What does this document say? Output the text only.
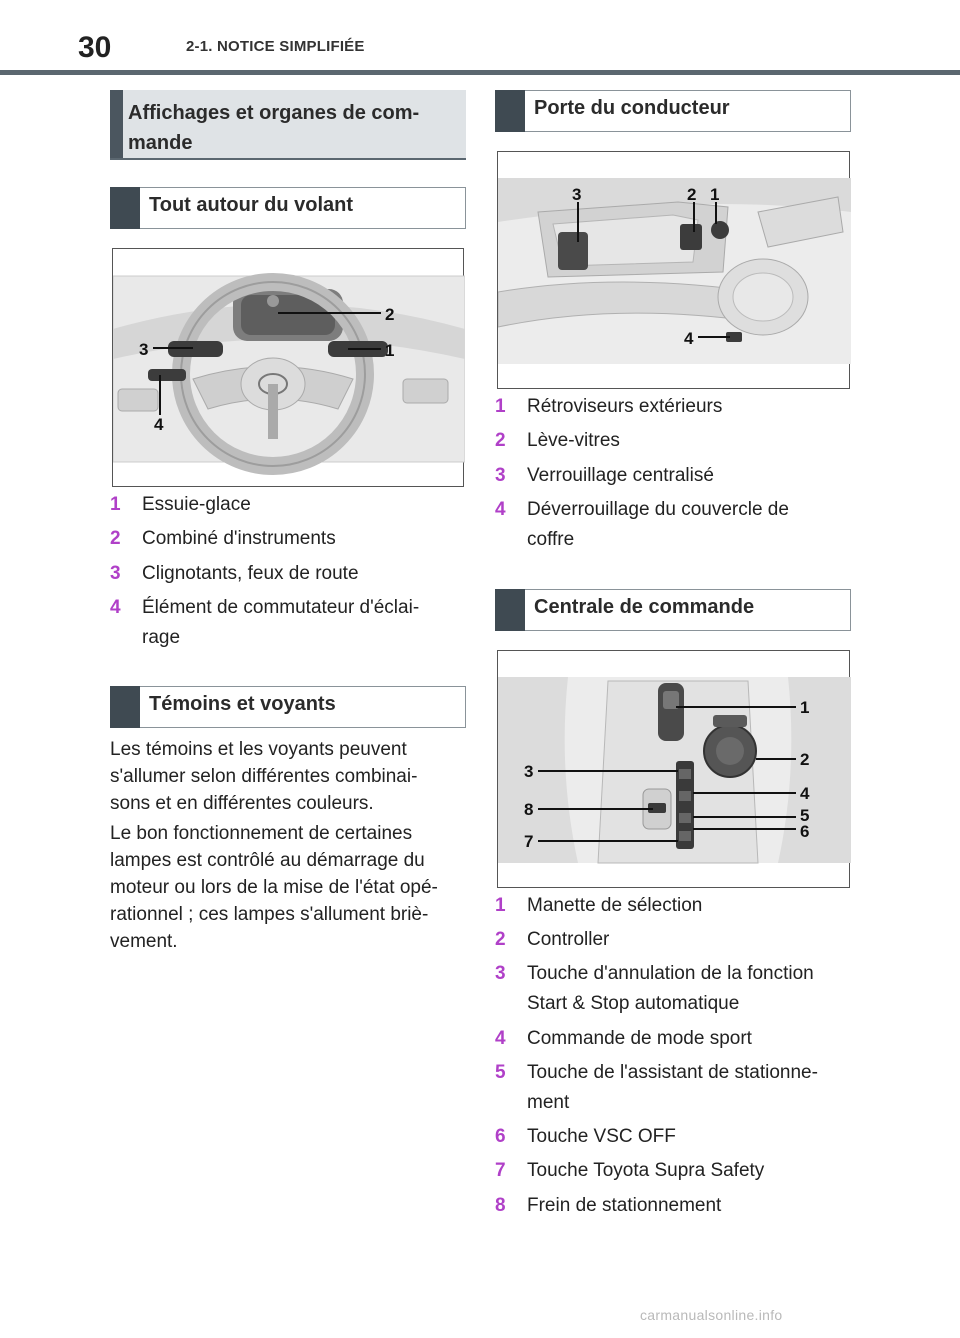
30	2-1. NOTICE SIMPLIFIÉE
Affichages et organes de com-
mande
Tout autour du volant
2
3	1
4
1	Essuie-glace
2	Combiné d'instruments
3	Clignotants, feux de route
4	Élément de commutateur d'éclai-
rage
Témoins et voyants
Les témoins et les voyants peuvent
s'allumer selon différentes combinai-
sons et en différentes couleurs.
Le bon fonctionnement de certaines
lampes est contrôlé au démarrage du
moteur ou lors de la mise de l'état opé-
rationnel ; ces lampes s'allument briè-
vement.
Porte du conducteur
3	2 1
4
1	Rétroviseurs extérieurs
2	Lève-vitres
3	Verrouillage centralisé
4	Déverrouillage du couvercle de
coffre
Centrale de commande
1
2
3
4
8	5
6
7
1	Manette de sélection
2	Controller
3	Touche d'annulation de la fonction
Start & Stop automatique
4	Commande de mode sport
5	Touche de l'assistant de stationne-
ment
6	Touche VSC OFF
7	Touche Toyota Supra Safety
8	Frein de stationnement
carmanualsonline.info
